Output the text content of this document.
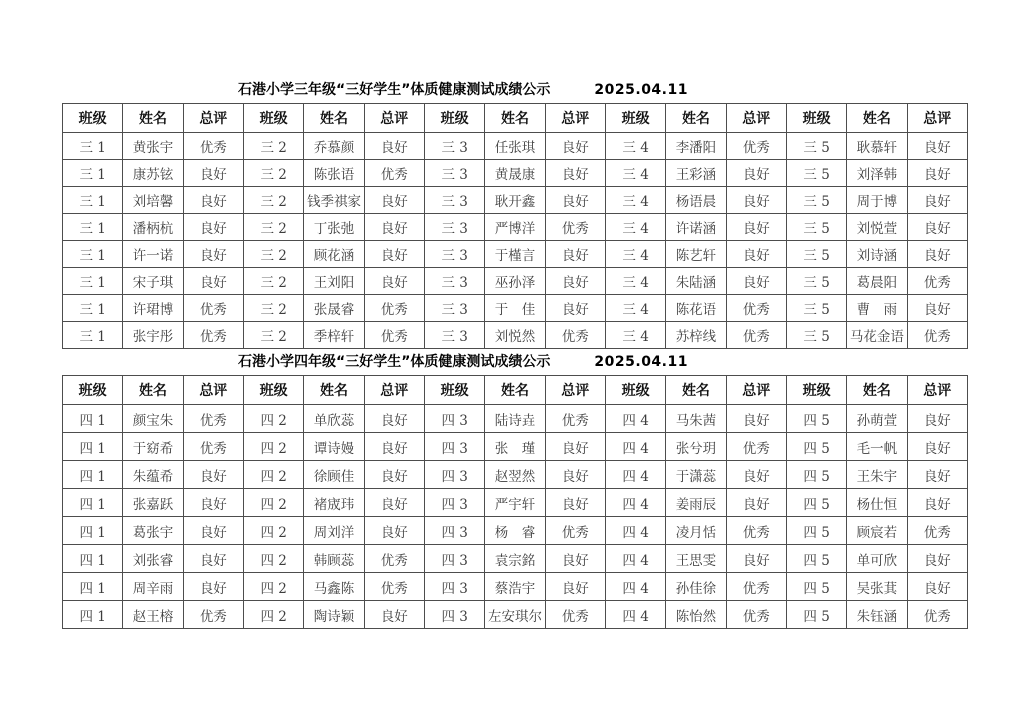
石港小学三年级“三好学生”体质健康测试成绩公示	2025.04.11
班级	姓名	总评	班级	姓名	总评	班级	姓名	总评	班级	姓名	总评	班级	姓名	总评
三 1	黄张宇	优秀	三 2	乔慕颜	良好	三 3	任张琪	良好	三 4	李潘阳	优秀	三 5	耿慕轩	良好
三 1	康苏铉	良好	三 2	陈张语	优秀	三 3	黄晟康	良好	三 4	王彩涵	良好	三 5	刘泽韩	良好
三 1	刘培馨	良好	三 2	钱季祺家	良好	三 3	耿开鑫	良好	三 4	杨语晨	良好	三 5	周于博	良好
三 1	潘柄杭	良好	三 2	丁张弛	良好	三 3	严博洋	优秀	三 4	许诺涵	良好	三 5	刘悦萱	良好
三 1	许一诺	良好	三 2	顾花涵	良好	三 3	于槿言	良好	三 4	陈艺轩	良好	三 5	刘诗涵	良好
三 1	宋子琪	良好	三 2	王刘阳	良好	三 3	巫孙泽	良好	三 4	朱陆涵	良好	三 5	葛晨阳	优秀
三 1	许珺博	优秀	三 2	张晟睿	优秀	三 3	于　佳	良好	三 4	陈花语	优秀	三 5	曹　雨	良好
三 1	张宇彤	优秀	三 2	季梓轩	优秀	三 3	刘悦然	优秀	三 4	苏梓线	优秀	三 5	马花金语	优秀
石港小学四年级“三好学生”体质健康测试成绩公示	2025.04.11
班级	姓名	总评	班级	姓名	总评	班级	姓名	总评	班级	姓名	总评	班级	姓名	总评
四 1	颜宝朱	优秀	四 2	单欣蕊	良好	四 3	陆诗垚	优秀	四 4	马朱茜	良好	四 5	孙萌萱	良好
四 1	于窈希	优秀	四 2	谭诗嫚	良好	四 3	张　瑾	良好	四 4	张兮玥	优秀	四 5	毛一帆	良好
四 1	朱蕴希	良好	四 2	徐顾佳	良好	四 3	赵翌然	良好	四 4	于潇蕊	良好	四 5	王朱宇	良好
四 1	张嘉跃	良好	四 2	褚宬玮	良好	四 3	严宇轩	良好	四 4	姜雨辰	良好	四 5	杨仕恒	良好
四 1	葛张宇	良好	四 2	周刘洋	良好	四 3	杨　睿	优秀	四 4	凌月恬	优秀	四 5	顾宸若	优秀
四 1	刘张睿	良好	四 2	韩顾蕊	优秀	四 3	袁宗銘	良好	四 4	王思雯	良好	四 5	单可欣	良好
四 1	周辛雨	良好	四 2	马鑫陈	优秀	四 3	蔡浩宇	良好	四 4	孙佳徐	优秀	四 5	吴张萁	良好
四 1	赵王榕	优秀	四 2	陶诗颖	良好	四 3	左安琪尔	优秀	四 4	陈怡然	优秀	四 5	朱钰涵	优秀
